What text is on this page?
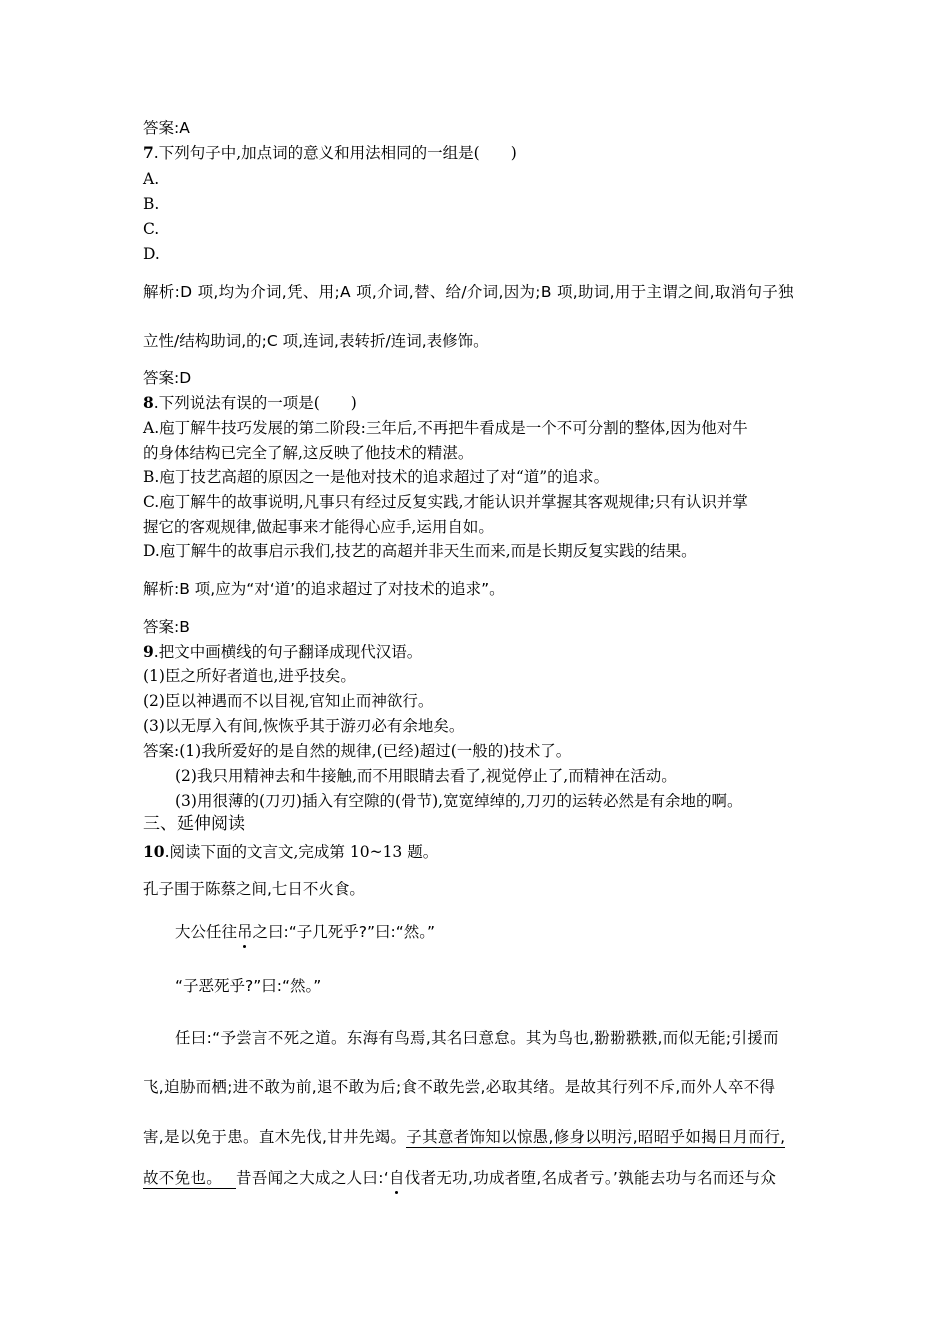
答案:A
7.下列句子中,加点词的意义和用法相同的一组是(　　)
A.
B.
C.
D.
解析:D 项,均为介词,凭、用;A 项,介词,替、给/介词,因为;B 项,助词,用于主谓之间,取消句子独
立性/结构助词,的;C 项,连词,表转折/连词,表修饰。
答案:D
8.下列说法有误的一项是(　　)
A.庖丁解牛技巧发展的第二阶段:三年后,不再把牛看成是一个不可分割的整体,因为他对牛
的身体结构已完全了解,这反映了他技术的精湛。
B.庖丁技艺高超的原因之一是他对技术的追求超过了对“道”的追求。
C.庖丁解牛的故事说明,凡事只有经过反复实践,才能认识并掌握其客观规律;只有认识并掌
握它的客观规律,做起事来才能得心应手,运用自如。
D.庖丁解牛的故事启示我们,技艺的高超并非天生而来,而是长期反复实践的结果。
解析:B 项,应为“对‘道’的追求超过了对技术的追求”。
答案:B
9.把文中画横线的句子翻译成现代汉语。
(1)臣之所好者道也,进乎技矣。
(2)臣以神遇而不以目视,官知止而神欲行。
(3)以无厚入有间,恢恢乎其于游刃必有余地矣。
答案:(1)我所爱好的是自然的规律,(已经)超过(一般的)技术了。
(2)我只用精神去和牛接触,而不用眼睛去看了,视觉停止了,而精神在活动。
(3)用很薄的(刀刃)插入有空隙的(骨节),宽宽绰绰的,刀刃的运转必然是有余地的啊。
三、延伸阅读
10.阅读下面的文言文,完成第 10~13 题。
孔子围于陈蔡之间,七日不火食。
大公任往吊之曰:“子几死乎?”曰:“然。”
“子恶死乎?”曰:“然。”
任曰:“予尝言不死之道。东海有鸟焉,其名曰意怠。其为鸟也,翂翂翐翐,而似无能;引援而
飞,迫胁而栖;进不敢为前,退不敢为后;食不敢先尝,必取其绪。是故其行列不斥,而外人卒不得
害,是以免于患。直木先伐,甘井先竭。子其意者饰知以惊愚,修身以明污,昭昭乎如揭日月而行,
故不免也。 昔吾闻之大成之人曰:‘自伐者无功,功成者堕,名成者亏。’孰能去功与名而还与众
